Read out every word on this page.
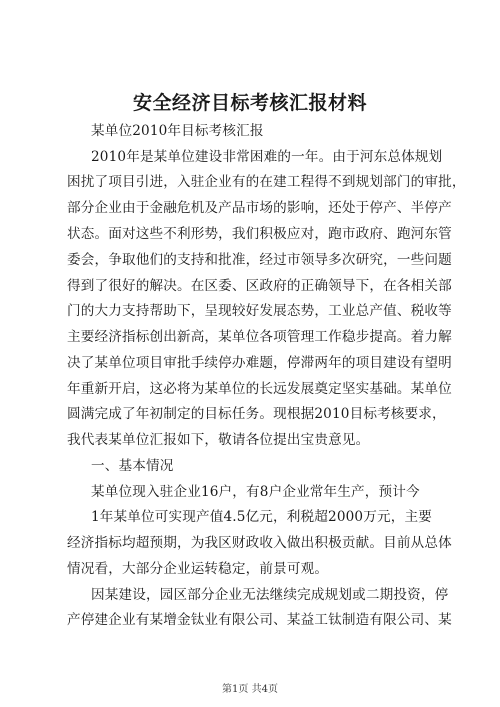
安全经济目标考核汇报材料
某单位2010年目标考核汇报
2010年是某单位建设非常困难的一年。由于河东总体规划
困扰了项目引进，入驻企业有的在建工程得不到规划部门的审批，
部分企业由于金融危机及产品市场的影响，还处于停产、半停产
状态。面对这些不利形势，我们积极应对，跑市政府、跑河东管
委会，争取他们的支持和批准，经过市领导多次研究，一些问题
得到了很好的解决。在区委、区政府的正确领导下，在各相关部
门的大力支持帮助下，呈现较好发展态势，工业总产值、税收等
主要经济指标创出新高，某单位各项管理工作稳步提高。着力解
决了某单位项目审批手续停办难题，停滞两年的项目建设有望明
年重新开启，这必将为某单位的长远发展奠定坚实基础。某单位
圆满完成了年初制定的目标任务。现根据2010目标考核要求，
我代表某单位汇报如下，敬请各位提出宝贵意见。
一、基本情况
某单位现入驻企业16户，有8户企业常年生产，预计今
1年某单位可实现产值4.5亿元，利税超2000万元，主要
经济指标均超预期，为我区财政收入做出积极贡献。目前从总体
情况看，大部分企业运转稳定，前景可观。
因某建设，园区部分企业无法继续完成规划或二期投资，停
产停建企业有某增金钛业有限公司、某益工钛制造有限公司、某
第1页 共4页
